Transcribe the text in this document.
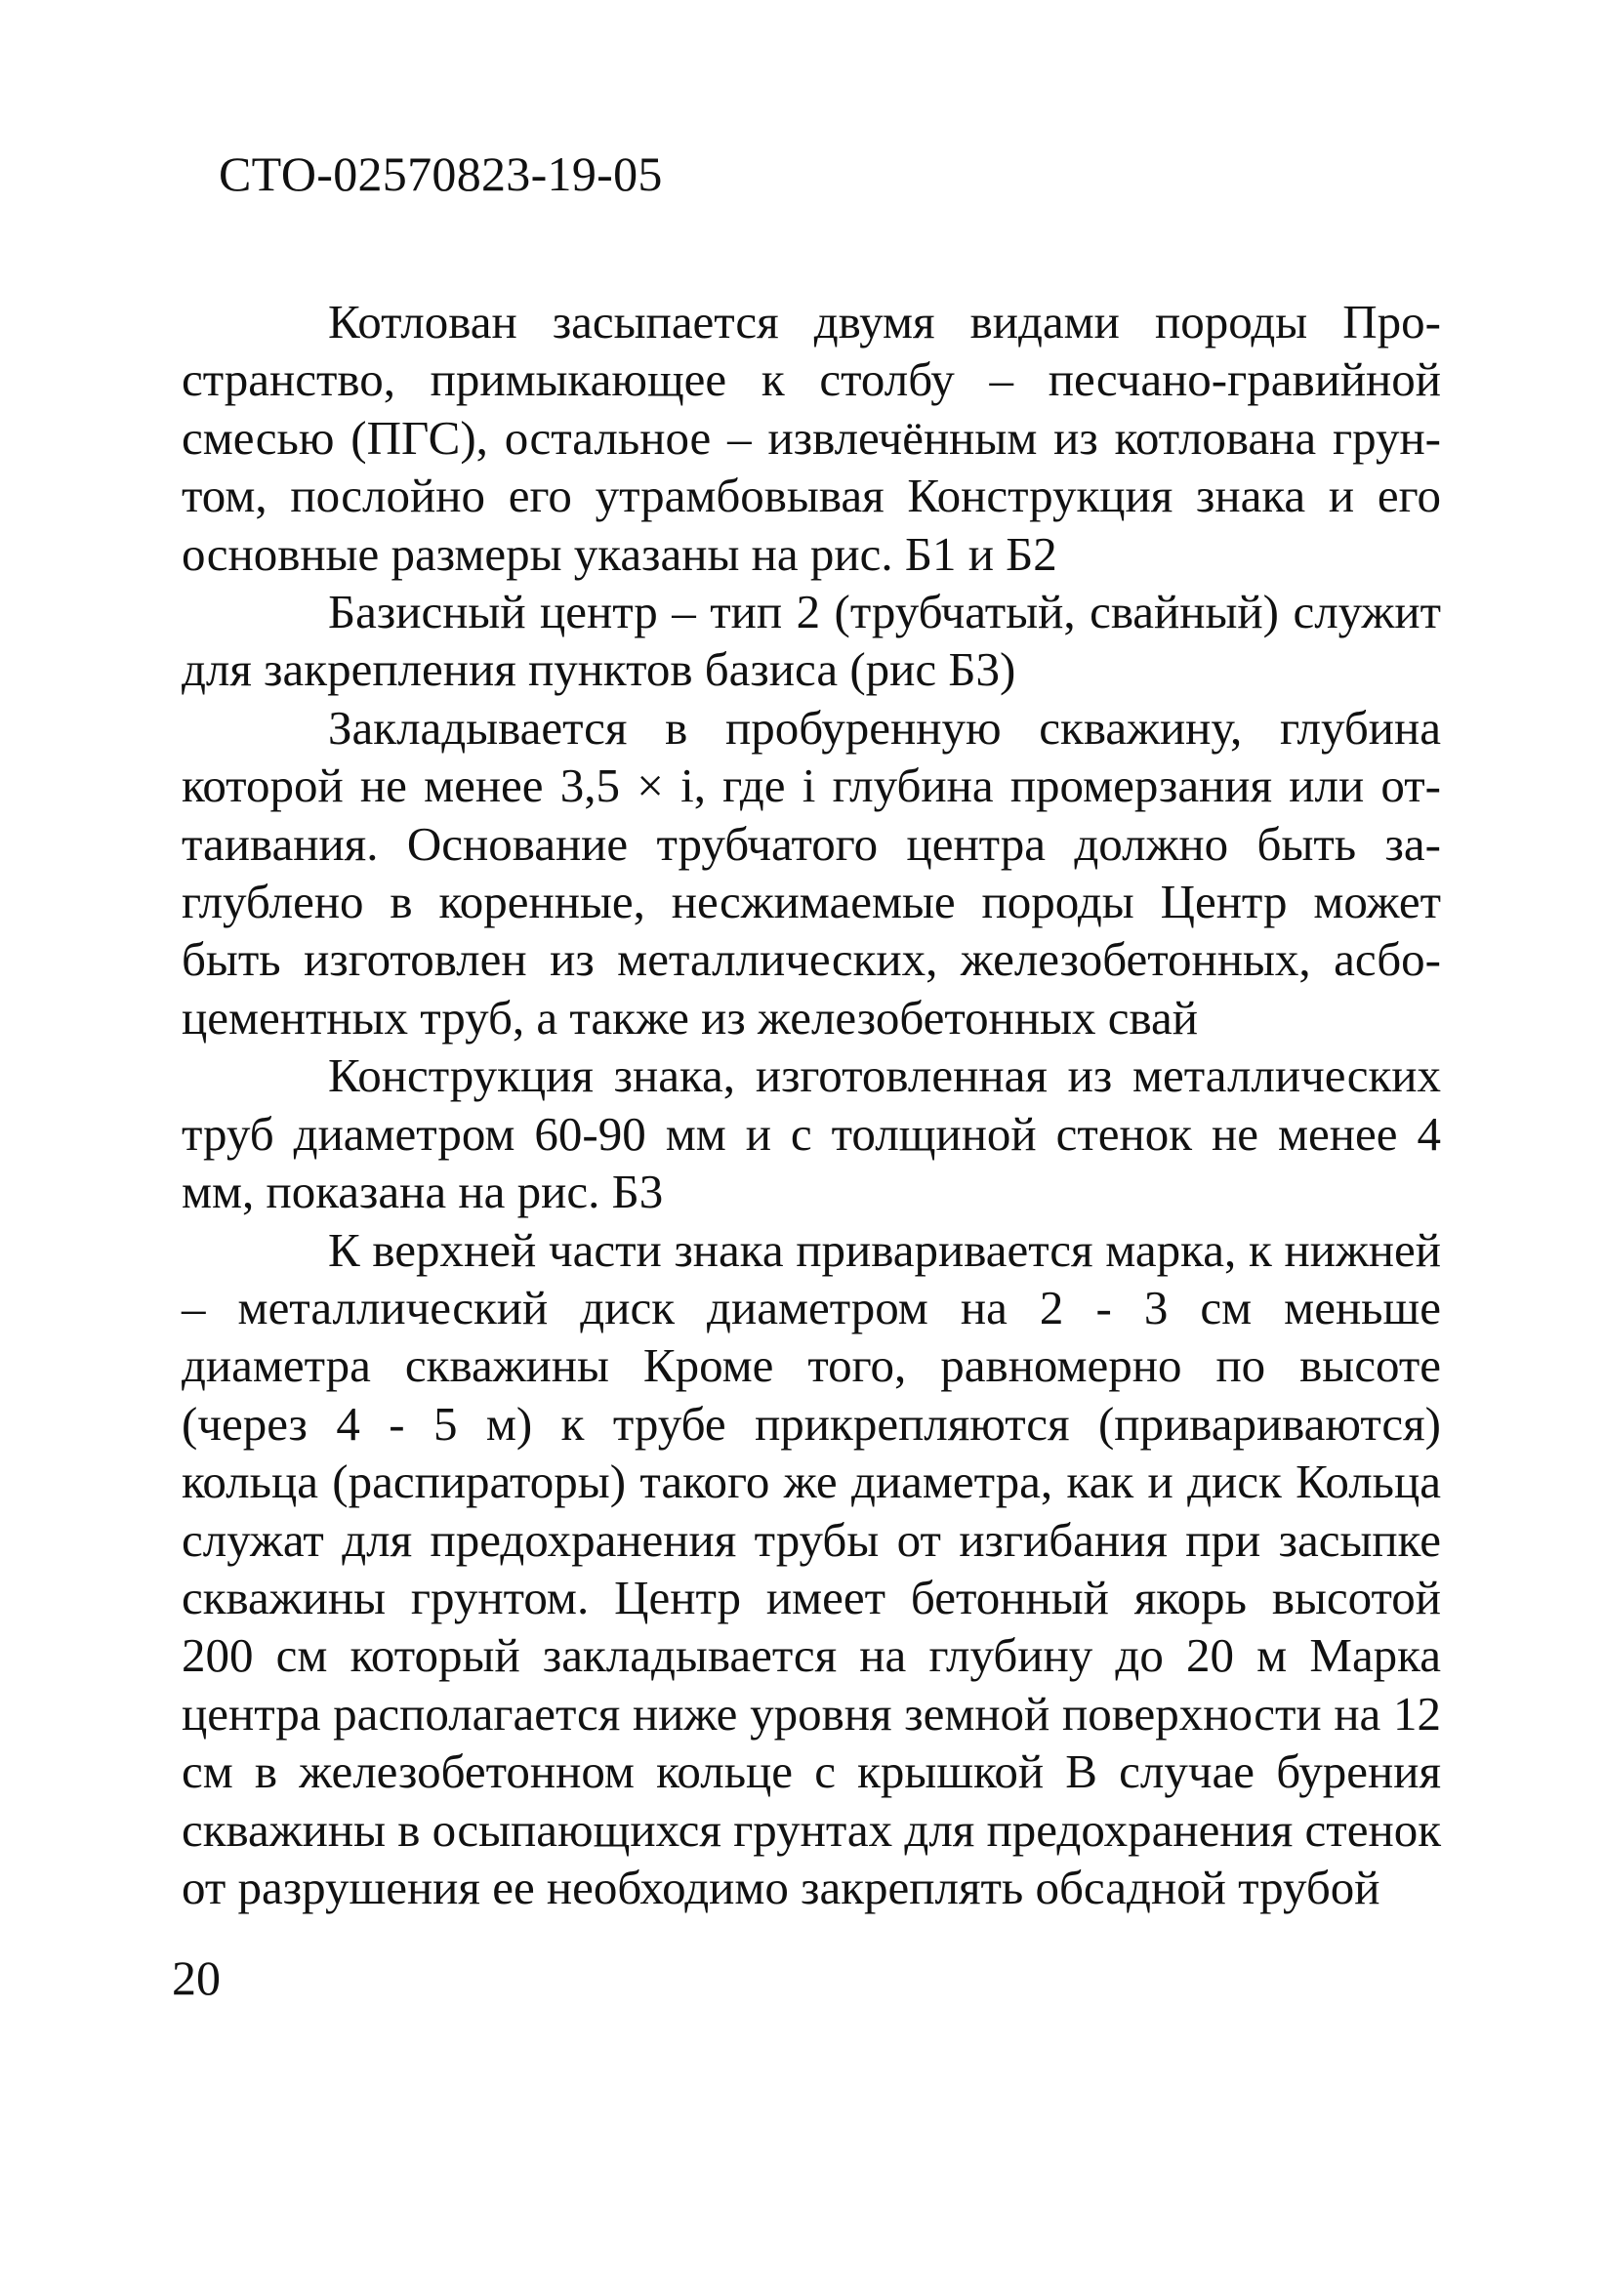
СТО-02570823-19-05

Котлован засыпается двумя видами породы Пространство, примыкающее к столбу – песчано-гравийной смесью (ПГС), остальное – извлечённым из котлована грунтом, послойно его утрамбовывая Конструкция знака и его основные размеры указаны на рис. Б1 и Б2

Базисный центр – тип 2 (трубчатый, свайный) служит для закрепления пунктов базиса (рис Б3)

Закладывается в пробуренную скважину, глубина которой не менее 3,5 × i, где i глубина промерзания или оттаивания. Основание трубчатого центра должно быть заглублено в коренные, несжимаемые породы Центр может быть изготовлен из металлических, железобетонных, асбоцементных труб, а также из железобетонных свай

Конструкция знака, изготовленная из металлических труб диаметром 60-90 мм и с толщиной стенок не менее 4 мм, показана на рис. Б3

К верхней части знака приваривается марка, к нижней – металлический диск диаметром на 2 - 3 см меньше диаметра скважины Кроме того, равномерно по высоте (через 4 - 5 м) к трубе прикрепляются (привариваются) кольца (распираторы) такого же диаметра, как и диск Кольца служат для предохранения трубы от изгибания при засыпке скважины грунтом. Центр имеет бетонный якорь высотой 200 см который закладывается на глубину до 20 м Марка центра располагается ниже уровня земной поверхности на 12 см в железобетонном кольце с крышкой В случае бурения скважины в осыпающихся грунтах для предохранения стенок от разрушения ее необходимо закреплять обсадной трубой

20
